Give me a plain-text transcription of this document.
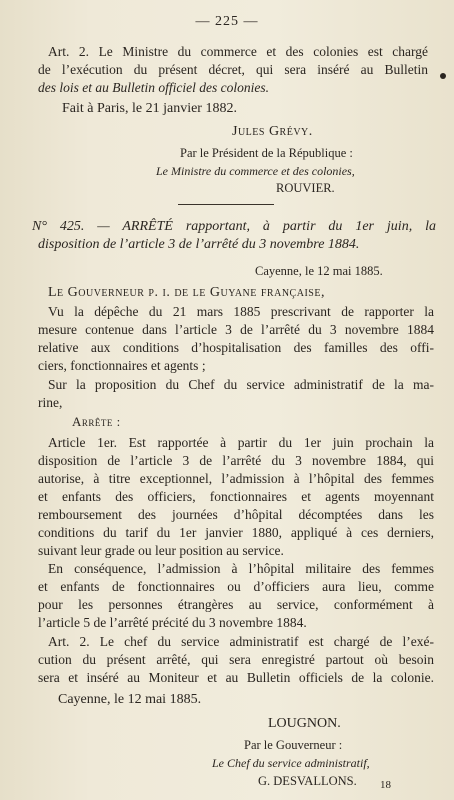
— 225 —
Art. 2. Le Ministre du commerce et des colonies est chargé
de l’exécution du présent décret, qui sera inséré au Bulletin
des lois et au Bulletin officiel des colonies.
Fait à Paris, le 21 janvier 1882.
Jules Grévy.
Par le Président de la République :
Le Ministre du commerce et des colonies,
ROUVIER.
N° 425. — ARRÊTÉ rapportant, à partir du 1er juin, la
disposition de l’article 3 de l’arrêté du 3 novembre 1884.
Cayenne, le 12 mai 1885.
Le Gouverneur p. i. de le Guyane française,
Vu la dépêche du 21 mars 1885 prescrivant de rapporter la
mesure contenue dans l’article 3 de l’arrêté du 3 novembre 1884
relative aux conditions d’hospitalisation des familles des offi-
ciers, fonctionnaires et agents ;
Sur la proposition du Chef du service administratif de la ma-
rine,
Arrête :
Article 1er. Est rapportée à partir du 1er juin prochain la
disposition de l’article 3 de l’arrêté du 3 novembre 1884, qui
autorise, à titre exceptionnel, l’admission à l’hôpital des femmes
et enfants des officiers, fonctionnaires et agents moyennant
remboursement des journées d’hôpital décomptées dans les
conditions du tarif du 1er janvier 1880, appliqué à ces derniers,
suivant leur grade ou leur position au service.
En conséquence, l’admission à l’hôpital militaire des femmes
et enfants de fonctionnaires ou d’officiers aura lieu, comme
pour les personnes étrangères au service, conformément à
l’article 5 de l’arrêté précité du 3 novembre 1884.
Art. 2. Le chef du service administratif est chargé de l’exé-
cution du présent arrêté, qui sera enregistré partout où besoin
sera et inséré au Moniteur et au Bulletin officiels de la colonie.
Cayenne, le 12 mai 1885.
LOUGNON.
Par le Gouverneur :
Le Chef du service administratif,
G. DESVALLONS. 18
